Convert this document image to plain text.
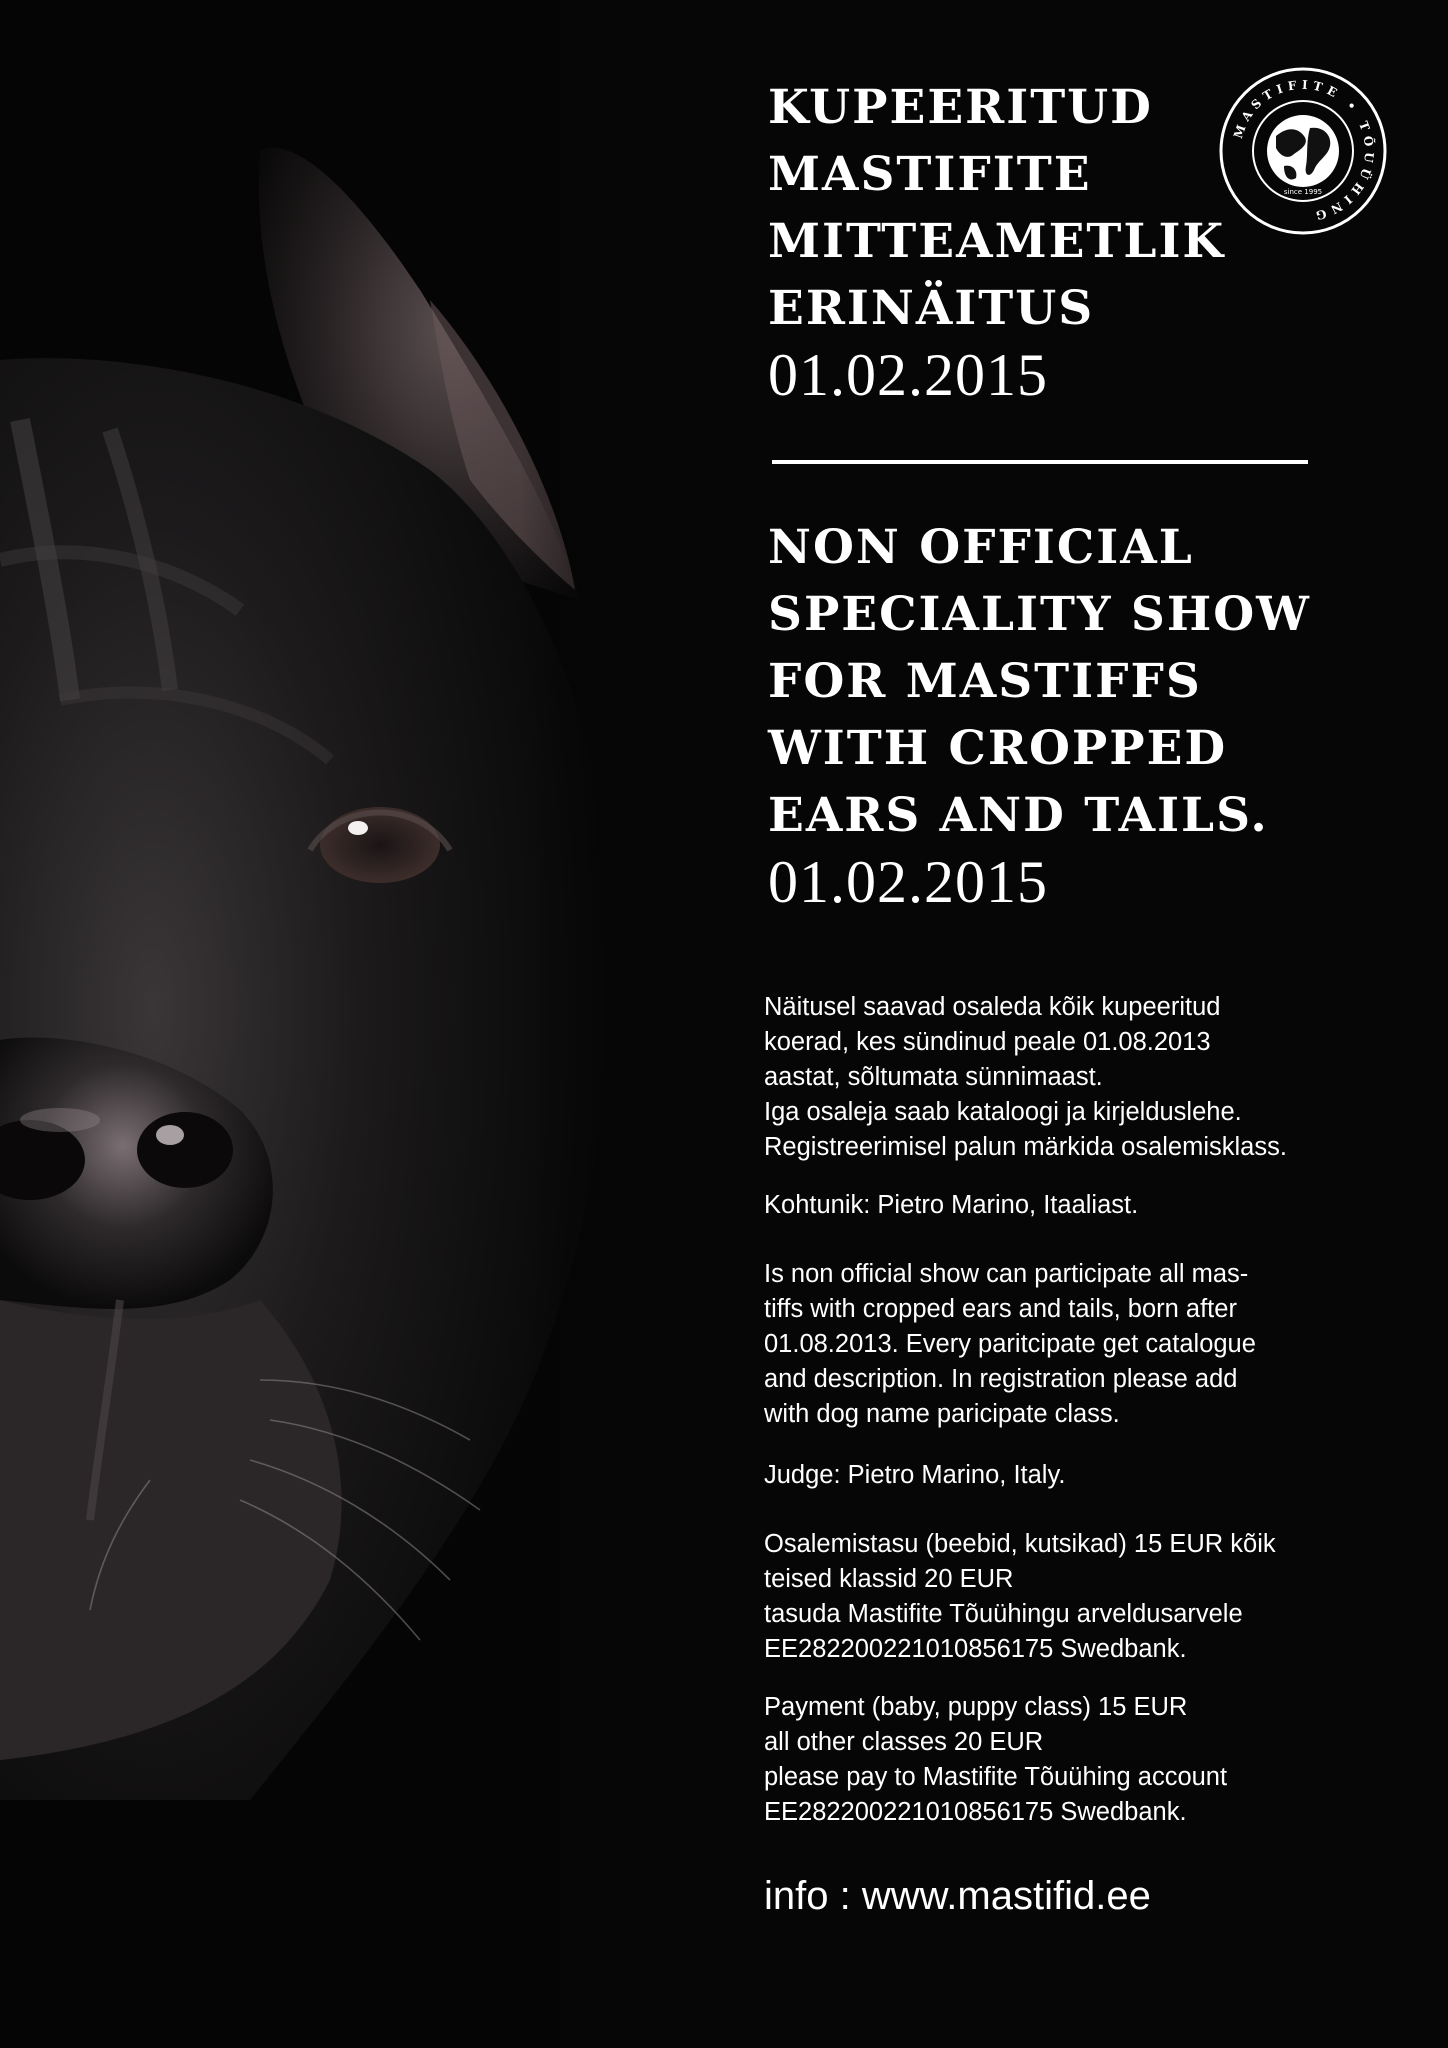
KUPEERITUD
MASTIFITE
MITTEAMETLIK
ERINÄITUS
01.02.2015
MASTIFITE • TÕUÜHING
since 1995
NON OFFICIAL
SPECIALITY SHOW
FOR MASTIFFS
WITH CROPPED
EARS AND TAILS.
01.02.2015

Näitusel saavad osaleda kõik kupeeritud
koerad, kes sündinud peale 01.08.2013
aastat, sõltumata sünnimaast.
Iga osaleja saab kataloogi ja kirjelduslehe.
Registreerimisel palun märkida osalemisklass.

Kohtunik: Pietro Marino, Itaaliast.

Is non official show can participate all mas-
tiffs with cropped ears and tails, born after
01.08.2013. Every paritcipate get catalogue
and description. In registration please add
with dog name paricipate class.

Judge: Pietro Marino, Italy.

Osalemistasu (beebid, kutsikad) 15 EUR kõik
teised klassid 20 EUR
tasuda Mastifite Tõuühingu arveldusarvele
EE282200221010856175 Swedbank.

Payment (baby, puppy class) 15 EUR
all other classes 20 EUR
please pay to Mastifite Tõuühing account
EE282200221010856175 Swedbank.

info : www.mastifid.ee
